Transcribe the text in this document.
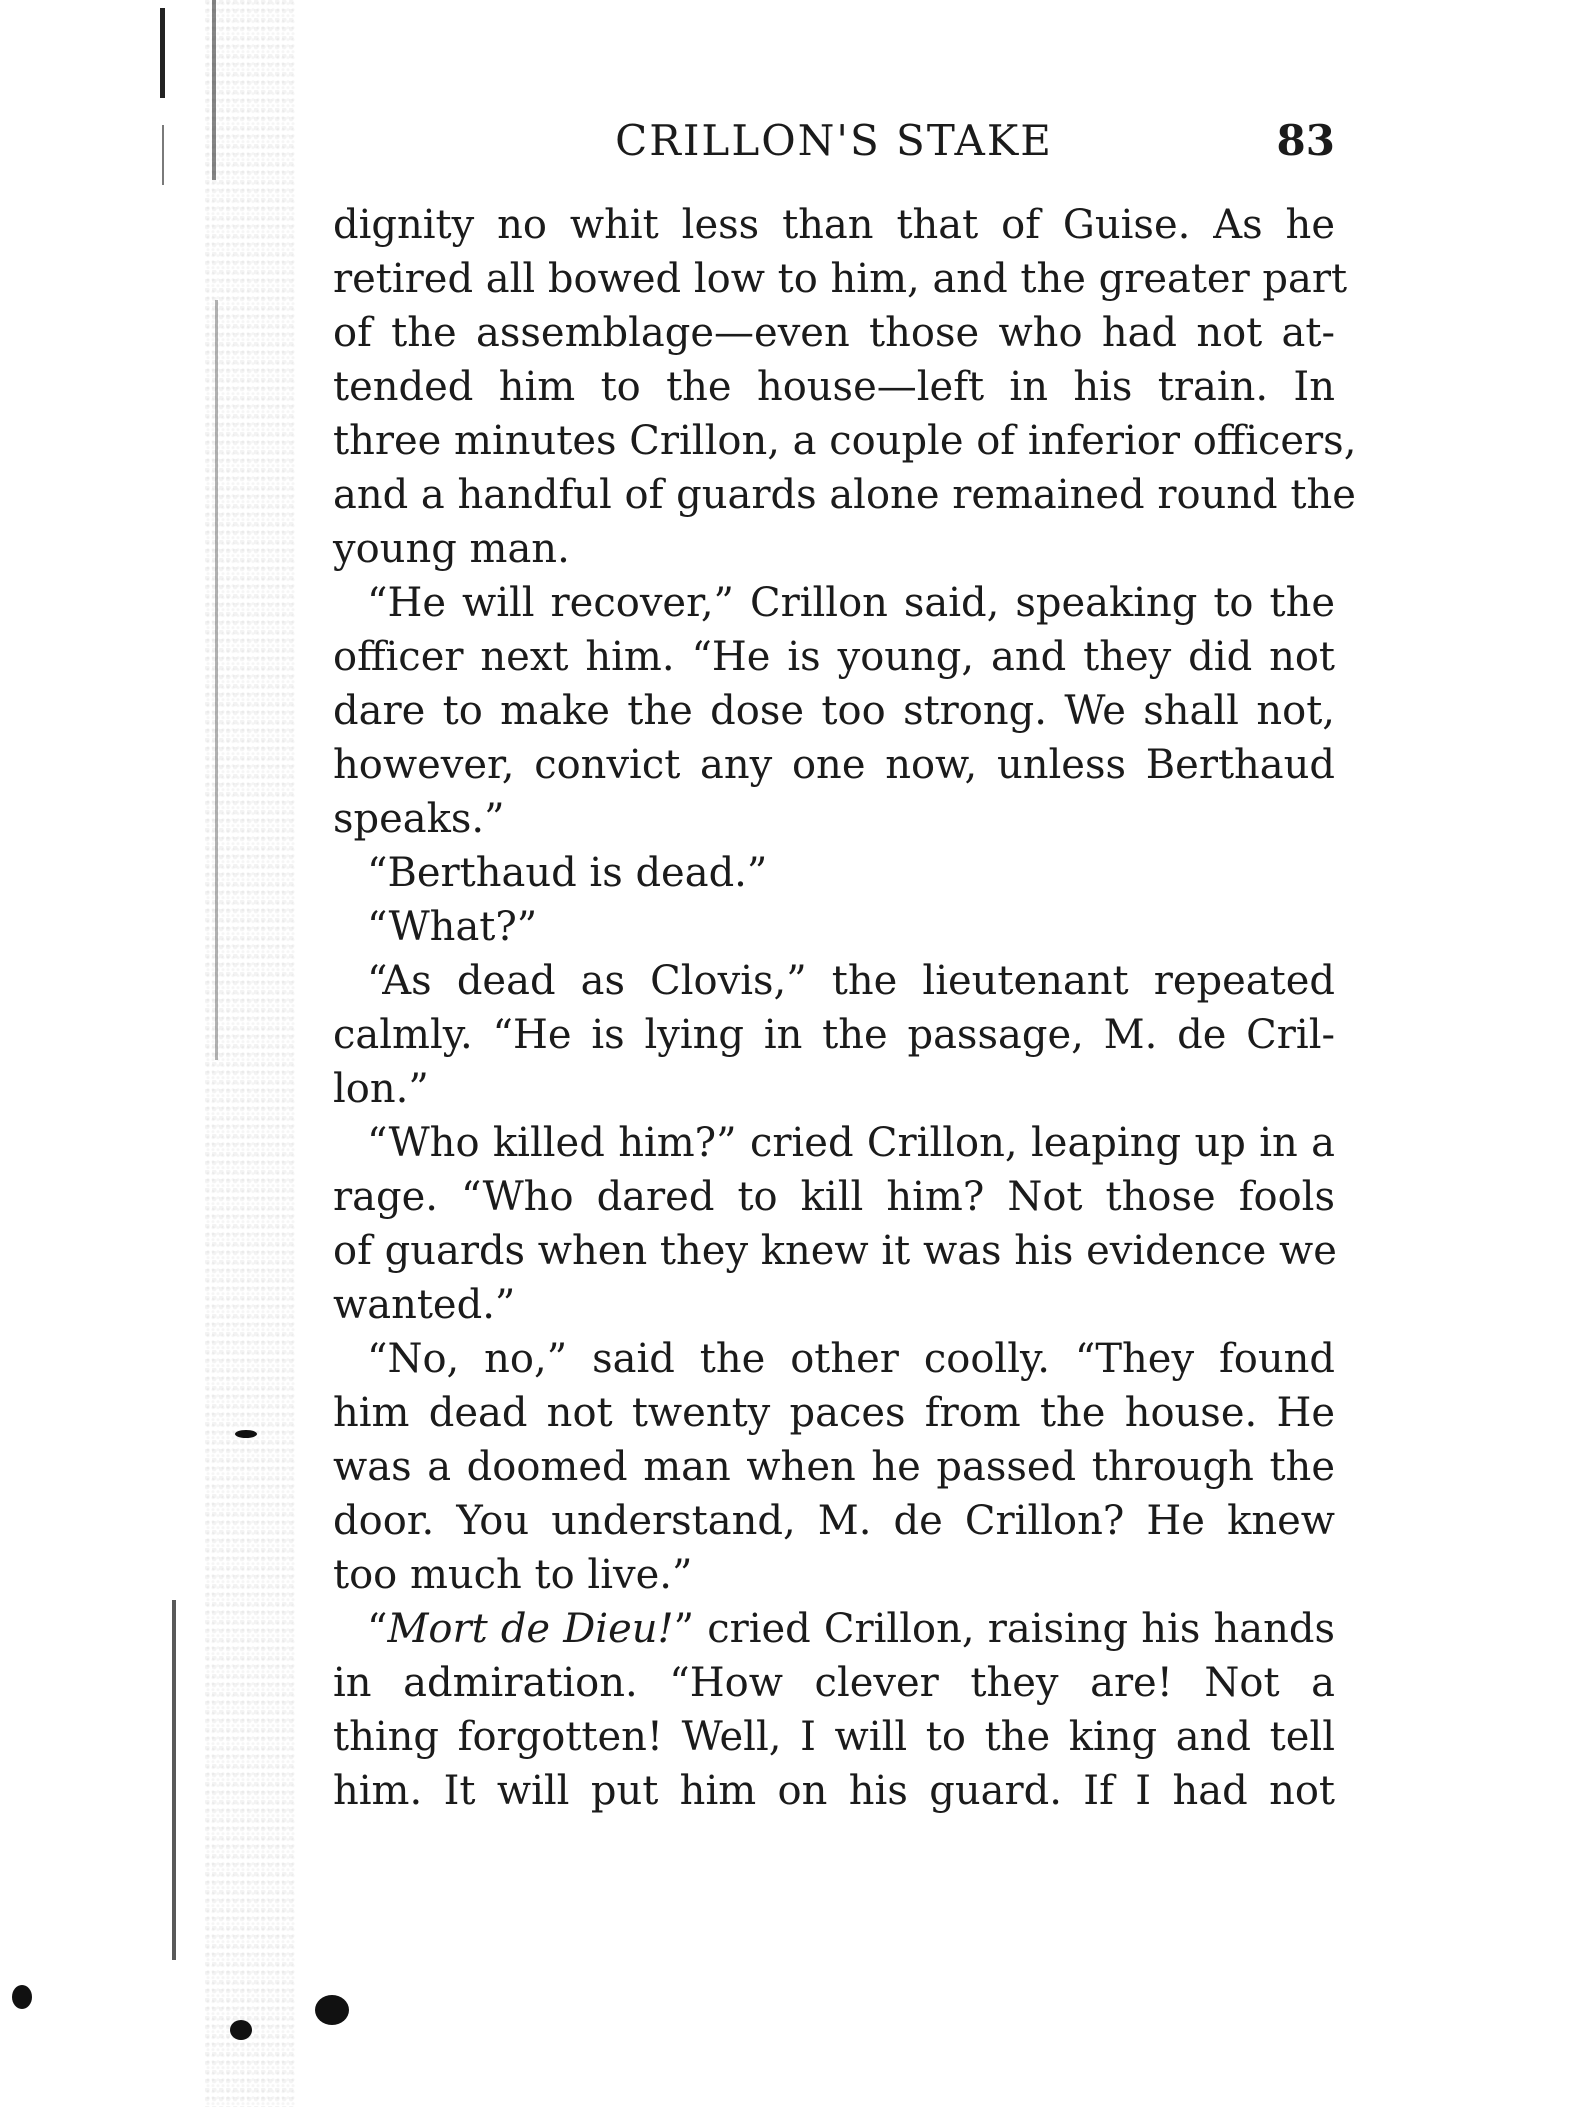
CRILLON'S STAKE	83
dignity no whit less than that of Guise. As he
retired all bowed low to him, and the greater part
of the assemblage—even those who had not at-
tended him to the house—left in his train. In
three minutes Crillon, a couple of inferior officers,
and a handful of guards alone remained round the
young man.
“He will recover,” Crillon said, speaking to the
officer next him. “He is young, and they did not
dare to make the dose too strong. We shall not,
however, convict any one now, unless Berthaud
speaks.”
“Berthaud is dead.”
“What?”
“As dead as Clovis,” the lieutenant repeated
calmly. “He is lying in the passage, M. de Cril-
lon.”
“Who killed him?” cried Crillon, leaping up in a
rage. “Who dared to kill him? Not those fools
of guards when they knew it was his evidence we
wanted.”
“No, no,” said the other coolly. “They found
him dead not twenty paces from the house. He
was a doomed man when he passed through the
door. You understand, M. de Crillon? He knew
too much to live.”
“Mort de Dieu!” cried Crillon, raising his hands
in admiration. “How clever they are! Not a
thing forgotten! Well, I will to the king and tell
him. It will put him on his guard. If I had not
